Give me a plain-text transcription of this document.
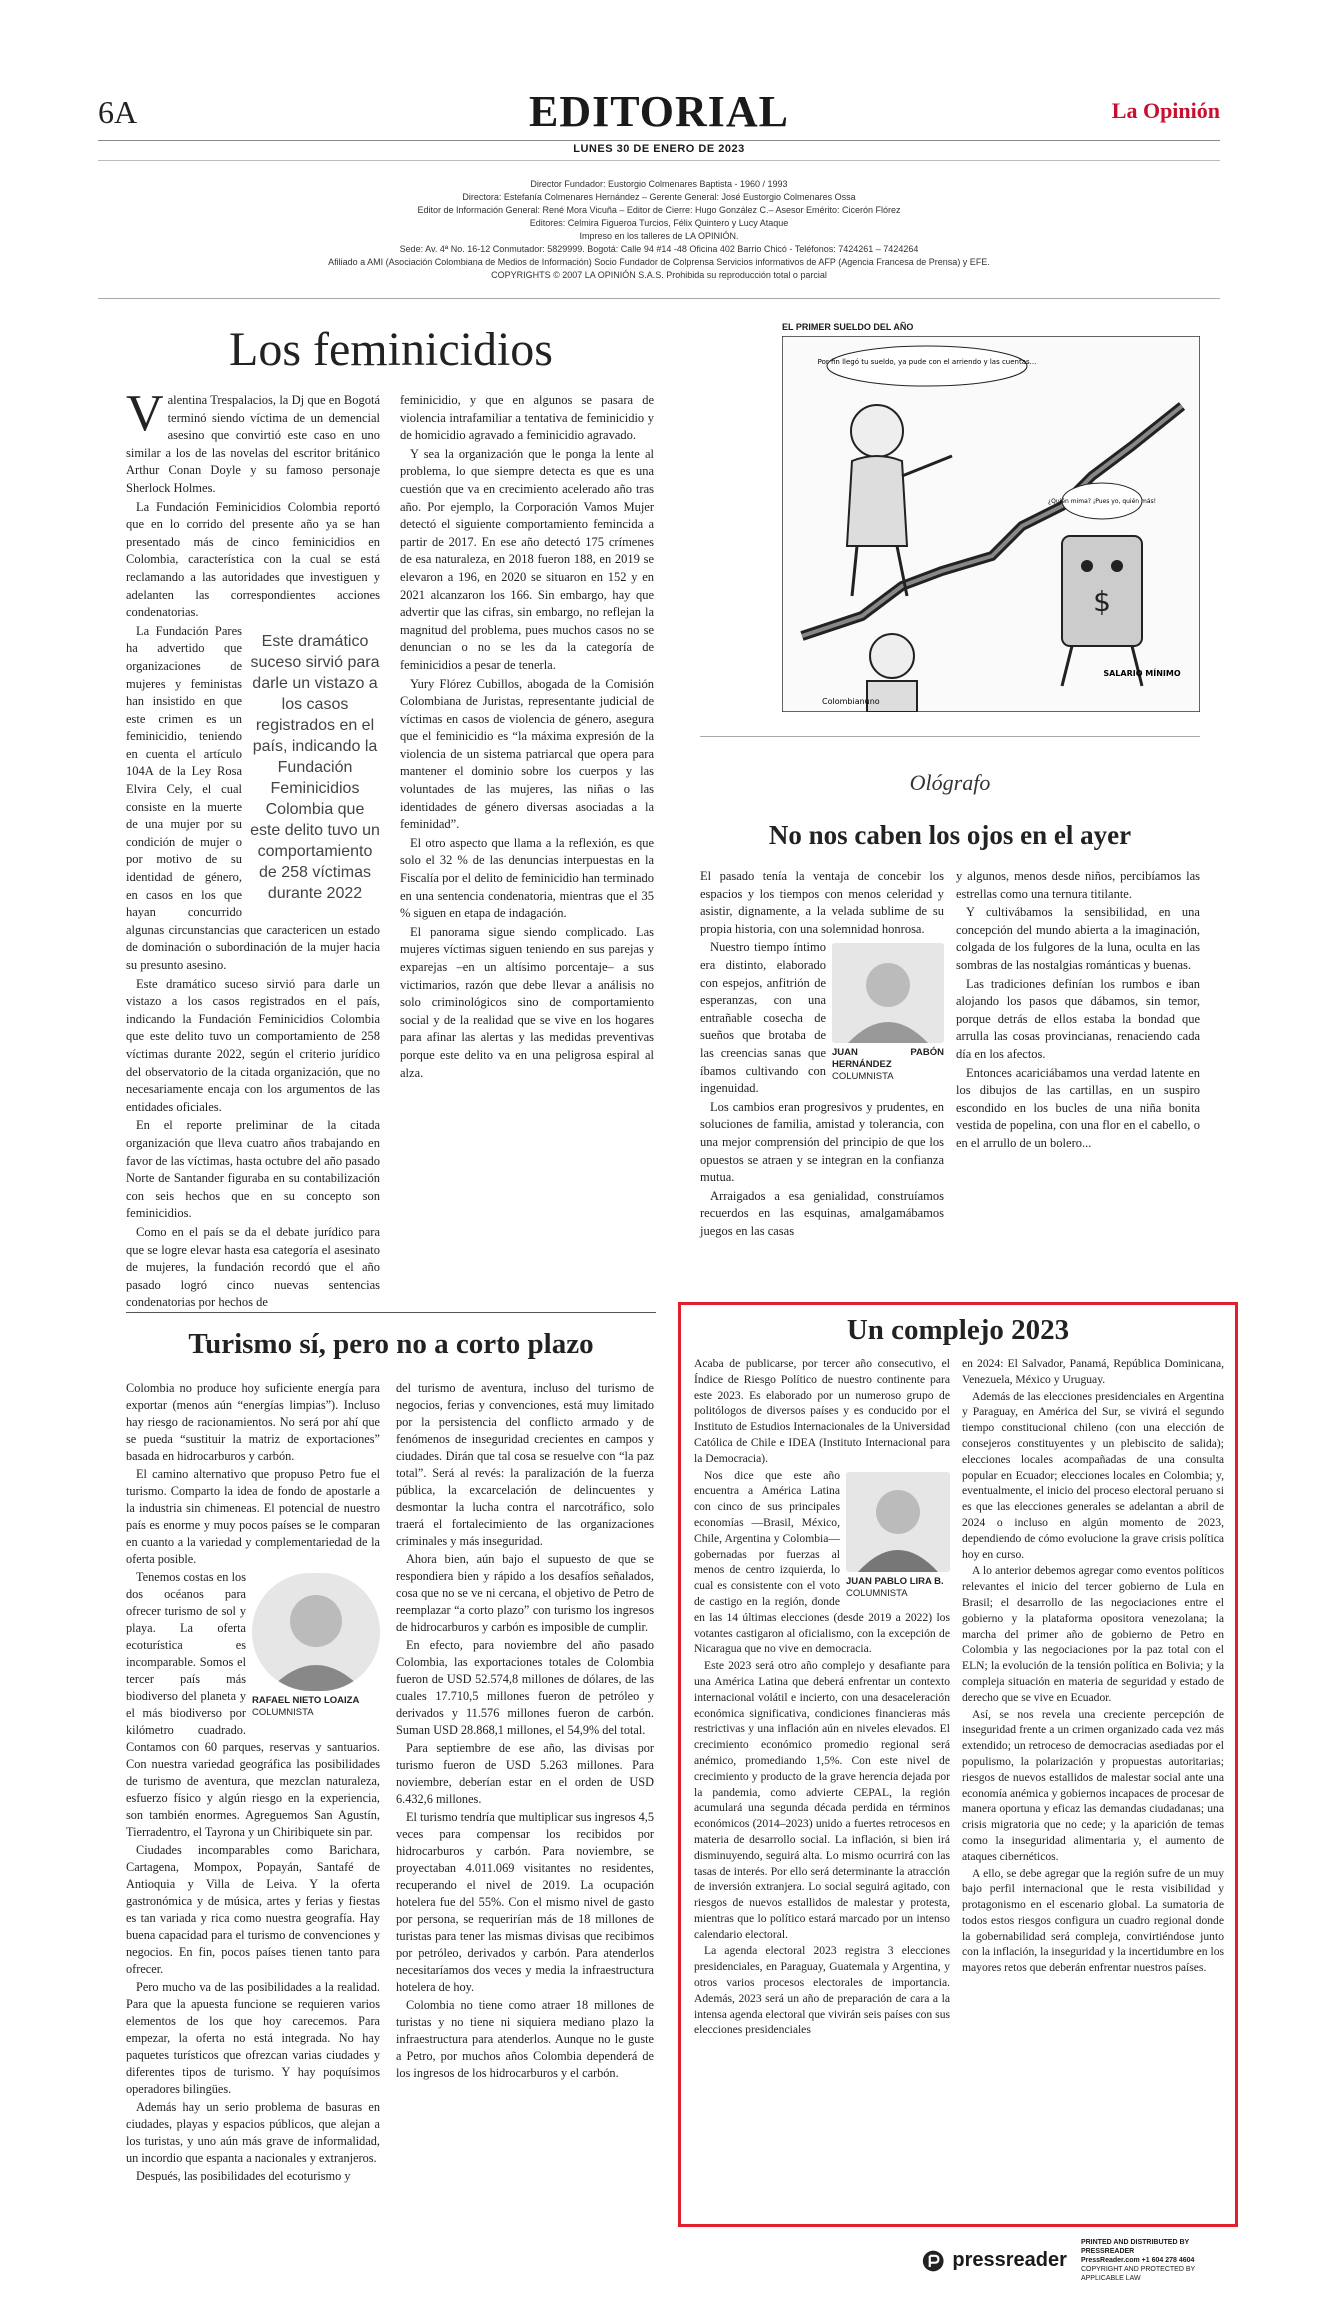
6A	EDITORIAL	La Opinión
LUNES 30 DE ENERO DE 2023
Director Fundador: Eustorgio Colmenares Baptista - 1960 / 1993
Directora: Estefanía Colmenares Hernández – Gerente General: José Eustorgio Colmenares Ossa
Editor de Información General: René Mora Vicuña – Editor de Cierre: Hugo González C.– Asesor Emérito: Cicerón Flórez
Editores: Celmira Figueroa Turcios, Félix Quintero y Lucy Ataque
Impreso en los talleres de LA OPINIÓN.
Sede: Av. 4ª No. 16-12 Conmutador: 5829999. Bogotá: Calle 94 #14 -48 Oficina 402 Barrio Chicó - Teléfonos: 7424261 – 7424264
Afiliado a AMI (Asociación Colombiana de Medios de Información) Socio Fundador de Colprensa Servicios informativos de AFP (Agencia Francesa de Prensa) y EFE.
COPYRIGHTS © 2007 LA OPINIÓN S.A.S. Prohibida su reproducción total o parcial
Los feminicidios

Valentina Trespalacios, la Dj que en Bogotá terminó siendo víctima de un demencial asesino que convirtió este caso en uno similar a los de las novelas del escritor británico Arthur Conan Doyle y su famoso personaje Sherlock Holmes.

La Fundación Feminicidios Colombia reportó que en lo corrido del presente año ya se han presentado más de cinco feminicidios en Colombia, característica con la cual se está reclamando a las autoridades que investiguen y adelanten las correspondientes acciones condenatorias.

Este dramático suceso sirvió para darle un vistazo a los casos registrados en el país, indicando la Fundación Feminicidios Colombia que este delito tuvo un comportamiento de 258 víctimas durante 2022

La Fundación Pares ha advertido que organizaciones de mujeres y feministas han insistido en que este crimen es un feminicidio, teniendo en cuenta el artículo 104A de la Ley Rosa Elvira Cely, el cual consiste en la muerte de una mujer por su condición de mujer o por motivo de su identidad de género, en casos en los que hayan concurrido algunas circunstancias que caractericen un estado de dominación o subordinación de la mujer hacia su presunto asesino.

Este dramático suceso sirvió para darle un vistazo a los casos registrados en el país, indicando la Fundación Feminicidios Colombia que este delito tuvo un comportamiento de 258 víctimas durante 2022, según el criterio jurídico del observatorio de la citada organización, que no necesariamente encaja con los argumentos de las entidades oficiales.

En el reporte preliminar de la citada organización que lleva cuatro años trabajando en favor de las víctimas, hasta octubre del año pasado Norte de Santander figuraba en su contabilización con seis hechos que en su concepto son feminicidios.

Como en el país se da el debate jurídico para que se logre elevar hasta esa categoría el asesinato de mujeres, la fundación recordó que el año pasado logró cinco nuevas sentencias condenatorias por hechos de

feminicidio, y que en algunos se pasara de violencia intrafamiliar a tentativa de feminicidio y de homicidio agravado a feminicidio agravado.

Y sea la organización que le ponga la lente al problema, lo que siempre detecta es que es una cuestión que va en crecimiento acelerado año tras año. Por ejemplo, la Corporación Vamos Mujer detectó el siguiente comportamiento femincida a partir de 2017. En ese año detectó 175 crímenes de esa naturaleza, en 2018 fueron 188, en 2019 se elevaron a 196, en 2020 se situaron en 152 y en 2021 alcanzaron los 166. Sin embargo, hay que advertir que las cifras, sin embargo, no reflejan la magnitud del problema, pues muchos casos no se denuncian o no se les da la categoría de feminicidios a pesar de tenerla.

Yury Flórez Cubillos, abogada de la Comisión Colombiana de Juristas, representante judicial de víctimas en casos de violencia de género, asegura que el feminicidio es “la máxima expresión de la violencia de un sistema patriarcal que opera para mantener el dominio sobre los cuerpos y las voluntades de las mujeres, las niñas o las identidades de género diversas asociadas a la feminidad”.

El otro aspecto que llama a la reflexión, es que solo el 32 % de las denuncias interpuestas en la Fiscalía por el delito de feminicidio han terminado en una sentencia condenatoria, mientras que el 35 % siguen en etapa de indagación.

El panorama sigue siendo complicado. Las mujeres víctimas siguen teniendo en sus parejas y exparejas –en un altísimo porcentaje– a sus victimarios, razón que debe llevar a análisis no solo criminológicos sino de comportamiento social y de la realidad que se vive en los hogares para afinar las alertas y las medidas preventivas porque este delito va en una peligrosa espiral al alza.

EL PRIMER SUELDO DEL AÑO
$
Por fin llegó tu sueldo, ya pude con el arriendo y las cuentas...
¿Quién mima? ¡Pues yo, quién más!
SALARIO MÍNIMO
Colombianuno
Ológrafo
No nos caben los ojos en el ayer

El pasado tenía la ventaja de concebir los espacios y los tiempos con menos celeridad y asistir, dignamente, a la velada sublime de su propia historia, con una solemnidad honrosa.

JUAN PABÓN HERNÁNDEZ
COLUMNISTA

Nuestro tiempo íntimo era distinto, elaborado con espejos, anfitrión de esperanzas, con una entrañable cosecha de sueños que brotaba de las creencias sanas que íbamos cultivando con ingenuidad.

Los cambios eran progresivos y prudentes, en soluciones de familia, amistad y tolerancia, con una mejor comprensión del principio de que los opuestos se atraen y se integran en la confianza mutua.

Arraigados a esa genialidad, construíamos recuerdos en las esquinas, amalgamábamos juegos en las casas

y algunos, menos desde niños, percibíamos las estrellas como una ternura titilante.

Y cultivábamos la sensibilidad, en una concepción del mundo abierta a la imaginación, colgada de los fulgores de la luna, oculta en las sombras de las nostalgias románticas y buenas.

Las tradiciones definían los rumbos e iban alojando los pasos que dábamos, sin temor, porque detrás de ellos estaba la bondad que arrulla las cosas provincianas, renaciendo cada día en los afectos.

Entonces acariciábamos una verdad latente en los dibujos de las cartillas, en un suspiro escondido en los bucles de una niña bonita vestida de popelina, con una flor en el cabello, o en el arrullo de un bolero...

Turismo sí, pero no a corto plazo

Colombia no produce hoy suficiente energía para exportar (menos aún “energías limpias”). Incluso hay riesgo de racionamientos. No será por ahí que se pueda “sustituir la matriz de exportaciones” basada en hidrocarburos y carbón.

El camino alternativo que propuso Petro fue el turismo. Comparto la idea de fondo de apostarle a la industria sin chimeneas. El potencial de nuestro país es enorme y muy pocos países se le comparan en cuanto a la variedad y complementariedad de la oferta posible.

RAFAEL NIETO LOAIZA
COLUMNISTA

Tenemos costas en los dos océanos para ofrecer turismo de sol y playa. La oferta ecoturística es incomparable. Somos el tercer país más biodiverso del planeta y el más biodiverso por kilómetro cuadrado. Contamos con 60 parques, reservas y santuarios. Con nuestra variedad geográfica las posibilidades de turismo de aventura, que mezclan naturaleza, esfuerzo físico y algún riesgo en la experiencia, son también enormes. Agreguemos San Agustín, Tierradentro, el Tayrona y un Chiribiquete sin par.

Ciudades incomparables como Barichara, Cartagena, Mompox, Popayán, Santafé de Antioquia y Villa de Leiva. Y la oferta gastronómica y de música, artes y ferias y fiestas es tan variada y rica como nuestra geografía. Hay buena capacidad para el turismo de convenciones y negocios. En fin, pocos países tienen tanto para ofrecer.

Pero mucho va de las posibilidades a la realidad. Para que la apuesta funcione se requieren varios elementos de los que hoy carecemos. Para empezar, la oferta no está integrada. No hay paquetes turísticos que ofrezcan varias ciudades y diferentes tipos de turismo. Y hay poquísimos operadores bilingües.

Además hay un serio problema de basuras en ciudades, playas y espacios públicos, que alejan a los turistas, y uno aún más grave de informalidad, un incordio que espanta a nacionales y extranjeros.

Después, las posibilidades del ecoturismo y

del turismo de aventura, incluso del turismo de negocios, ferias y convenciones, está muy limitado por la persistencia del conflicto armado y de fenómenos de inseguridad crecientes en campos y ciudades. Dirán que tal cosa se resuelve con “la paz total”. Será al revés: la paralización de la fuerza pública, la excarcelación de delincuentes y desmontar la lucha contra el narcotráfico, solo traerá el fortalecimiento de las organizaciones criminales y más inseguridad.

Ahora bien, aún bajo el supuesto de que se respondiera bien y rápido a los desafíos señalados, cosa que no se ve ni cercana, el objetivo de Petro de reemplazar “a corto plazo” con turismo los ingresos de hidrocarburos y carbón es imposible de cumplir.

En efecto, para noviembre del año pasado Colombia, las exportaciones totales de Colombia fueron de USD 52.574,8 millones de dólares, de las cuales 17.710,5 millones fueron de petróleo y derivados y 11.576 millones fueron de carbón. Suman USD 28.868,1 millones, el 54,9% del total.

Para septiembre de ese año, las divisas por turismo fueron de USD 5.263 millones. Para noviembre, deberían estar en el orden de USD 6.432,6 millones.

El turismo tendría que multiplicar sus ingresos 4,5 veces para compensar los recibidos por hidrocarburos y carbón. Para noviembre, se proyectaban 4.011.069 visitantes no residentes, recuperando el nivel de 2019. La ocupación hotelera fue del 55%. Con el mismo nivel de gasto por persona, se requerirían más de 18 millones de turistas para tener las mismas divisas que recibimos por petróleo, derivados y carbón. Para atenderlos necesitaríamos dos veces y media la infraestructura hotelera de hoy.

Colombia no tiene como atraer 18 millones de turistas y no tiene ni siquiera mediano plazo la infraestructura para atenderlos. Aunque no le guste a Petro, por muchos años Colombia dependerá de los ingresos de los hidrocarburos y el carbón.

Un complejo 2023

Acaba de publicarse, por tercer año consecutivo, el Índice de Riesgo Político de nuestro continente para este 2023. Es elaborado por un numeroso grupo de politólogos de diversos países y es conducido por el Instituto de Estudios Internacionales de la Universidad Católica de Chile e IDEA (Instituto Internacional para la Democracia).

JUAN PABLO LIRA B.
COLUMNISTA

Nos dice que este año encuentra a América Latina con cinco de sus principales economías —Brasil, México, Chile, Argentina y Colombia— gobernadas por fuerzas al menos de centro izquierda, lo cual es consistente con el voto de castigo en la región, donde en las 14 últimas elecciones (desde 2019 a 2022) los votantes castigaron al oficialismo, con la excepción de Nicaragua que no vive en democracia.

Este 2023 será otro año complejo y desafiante para una América Latina que deberá enfrentar un contexto internacional volátil e incierto, con una desaceleración económica significativa, condiciones financieras más restrictivas y una inflación aún en niveles elevados. El crecimiento económico promedio regional será anémico, promediando 1,5%. Con este nivel de crecimiento y producto de la grave herencia dejada por la pandemia, como advierte CEPAL, la región acumulará una segunda década perdida en términos económicos (2014–2023) unido a fuertes retrocesos en materia de desarrollo social. La inflación, si bien irá disminuyendo, seguirá alta. Lo mismo ocurrirá con las tasas de interés. Por ello será determinante la atracción de inversión extranjera. Lo social seguirá agitado, con riesgos de nuevos estallidos de malestar y protesta, mientras que lo político estará marcado por un intenso calendario electoral.

La agenda electoral 2023 registra 3 elecciones presidenciales, en Paraguay, Guatemala y Argentina, y otros varios procesos electorales de importancia. Además, 2023 será un año de preparación de cara a la intensa agenda electoral que vivirán seis países con sus elecciones presidenciales

en 2024: El Salvador, Panamá, República Dominicana, Venezuela, México y Uruguay.

Además de las elecciones presidenciales en Argentina y Paraguay, en América del Sur, se vivirá el segundo tiempo constitucional chileno (con una elección de consejeros constituyentes y un plebiscito de salida); elecciones locales acompañadas de una consulta popular en Ecuador; elecciones locales en Colombia; y, eventualmente, el inicio del proceso electoral peruano si es que las elecciones generales se adelantan a abril de 2024 o incluso en algún momento de 2023, dependiendo de cómo evolucione la grave crisis política hoy en curso.

A lo anterior debemos agregar como eventos políticos relevantes el inicio del tercer gobierno de Lula en Brasil; el desarrollo de las negociaciones entre el gobierno y la plataforma opositora venezolana; la marcha del primer año de gobierno de Petro en Colombia y las negociaciones por la paz total con el ELN; la evolución de la tensión política en Bolivia; y la compleja situación en materia de seguridad y estado de derecho que se vive en Ecuador.

Así, se nos revela una creciente percepción de inseguridad frente a un crimen organizado cada vez más extendido; un retroceso de democracias asediadas por el populismo, la polarización y propuestas autoritarias; riesgos de nuevos estallidos de malestar social ante una economía anémica y gobiernos incapaces de procesar de manera oportuna y eficaz las demandas ciudadanas; una crisis migratoria que no cede; y la aparición de temas como la inseguridad alimentaria y, el aumento de ataques cibernéticos.

A ello, se debe agregar que la región sufre de un muy bajo perfil internacional que le resta visibilidad y protagonismo en el escenario global. La sumatoria de todos estos riesgos configura un cuadro regional donde la gobernabilidad será compleja, convirtiéndose junto con la inflación, la inseguridad y la incertidumbre en los mayores retos que deberán enfrentar nuestros países.

pressreader
PRINTED AND DISTRIBUTED BY PRESSREADER
PressReader.com +1 604 278 4604
COPYRIGHT AND PROTECTED BY APPLICABLE LAW
